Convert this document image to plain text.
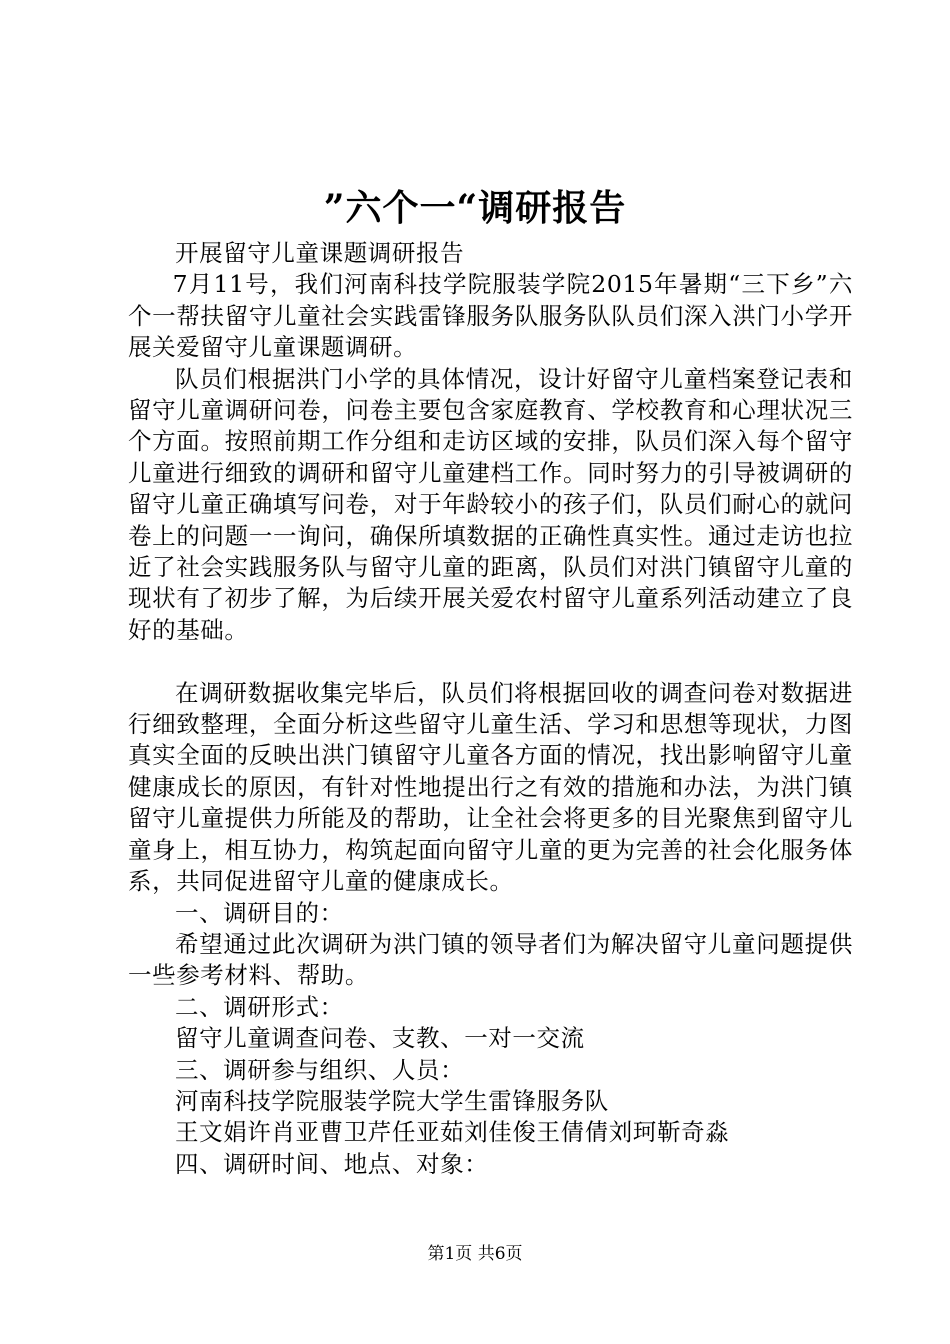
”六个一“调研报告

开展留守儿童课题调研报告

7月11号，我们河南科技学院服装学院2015年暑期“三下乡”六个一帮扶留守儿童社会实践雷锋服务队服务队队员们深入洪门小学开展关爱留守儿童课题调研。

队员们根据洪门小学的具体情况，设计好留守儿童档案登记表和留守儿童调研问卷，问卷主要包含家庭教育、学校教育和心理状况三个方面。按照前期工作分组和走访区域的安排，队员们深入每个留守儿童进行细致的调研和留守儿童建档工作。同时努力的引导被调研的留守儿童正确填写问卷，对于年龄较小的孩子们，队员们耐心的就问卷上的问题一一询问，确保所填数据的正确性真实性。通过走访也拉近了社会实践服务队与留守儿童的距离，队员们对洪门镇留守儿童的现状有了初步了解，为后续开展关爱农村留守儿童系列活动建立了良好的基础。

在调研数据收集完毕后，队员们将根据回收的调查问卷对数据进行细致整理，全面分析这些留守儿童生活、学习和思想等现状，力图真实全面的反映出洪门镇留守儿童各方面的情况，找出影响留守儿童健康成长的原因，有针对性地提出行之有效的措施和办法，为洪门镇留守儿童提供力所能及的帮助，让全社会将更多的目光聚焦到留守儿童身上，相互协力，构筑起面向留守儿童的更为完善的社会化服务体系，共同促进留守儿童的健康成长。

一、调研目的：

希望通过此次调研为洪门镇的领导者们为解决留守儿童问题提供一些参考材料、帮助。

二、调研形式：

留守儿童调查问卷、支教、一对一交流

三、调研参与组织、人员：

河南科技学院服装学院大学生雷锋服务队

王文娟许肖亚曹卫芹任亚茹刘佳俊王倩倩刘珂靳奇淼

四、调研时间、地点、对象：

第1页 共6页
